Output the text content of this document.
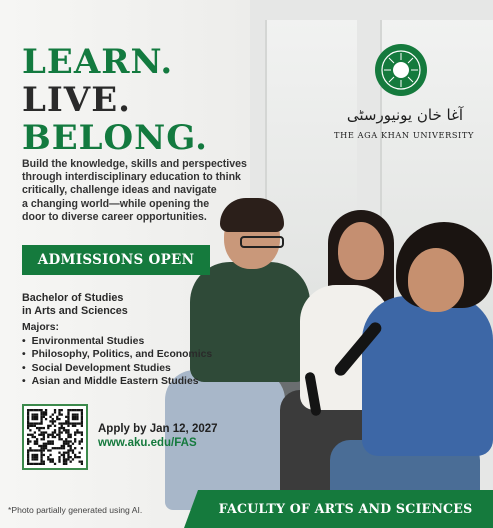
آغا خان یونیورسٹی
THE AGA KHAN UNIVERSITY
LEARN.
LIVE.
BELONG.

Build the knowledge, skills and perspectives
through interdisciplinary education to think
critically, challenge ideas and navigate
a changing world—while opening the
door to diverse career opportunities.

ADMISSIONS OPEN

Bachelor of Studies
in Arts and Sciences

Majors:
• Environmental Studies
• Philosophy, Politics, and Economics
• Social Development Studies
• Asian and Middle Eastern Studies
Apply by Jan 12, 2027
www.aku.edu/FAS
*Photo partially generated using AI.	FACULTY OF ARTS AND SCIENCES
